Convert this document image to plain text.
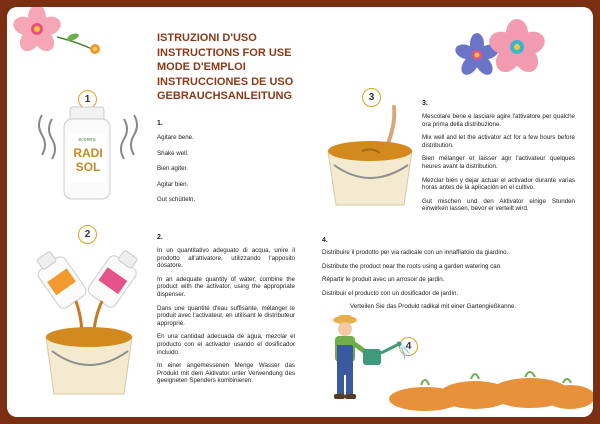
ISTRUZIONI D'USO
INSTRUCTIONS FOR USE
MODE D'EMPLOI
INSTRUCCIONES DE USO
GEBRAUCHSANLEITUNG
1
ecorera
RADI
SOL
1.

Agitare bene.

Shake well.

Bien agiter.

Agitar bien.

Gut schütteln.

2	2.

In un quantitativo adeguato di acqua, unire il prodotto all'attivatore, utilizzando l'apposito dosatore.

In an adequate quantity of water, combine the product with the activator, using the appropriate dispenser.

Dans une quantité d'eau suffisante, mélanger le produit avec l'activateur, en utilisant le distributeur approprié.

En una cantidad adecuada de agua, mezclar el producto con el activador usando el dosificador incluido.

In einer angemessenen Menge Wasser das Produkt mit dem Aktivator unter Verwendung des geeigneten Spenders kombinieren.

3
3.

Mescolare bene e lasciare agire l'attivatore per qualche ora prima della distribuzione.

Mix well and let the activator act for a few hours before distribution.

Bien mélanger et laisser agir l'activateur quelques heures avant la distribution.

Mezclar bien y dejar actuar el activador durante varias horas antes de la aplicación en el cultivo.

Gut mischen und den Aktivator einige Stunden einwirken lassen, bevor er verteilt wird.

4.

Distribuire il prodotto per via radicale con un innaffiatoio da giardino.

Distribute the product near the roots using a garden watering can.

Répartir le produit avec un arrosoir de jardin.

Distribuir el producto con un dosificador de jardín.

Verteilen Sie das Produkt radikal mit einer Gartengießkanne.

4
